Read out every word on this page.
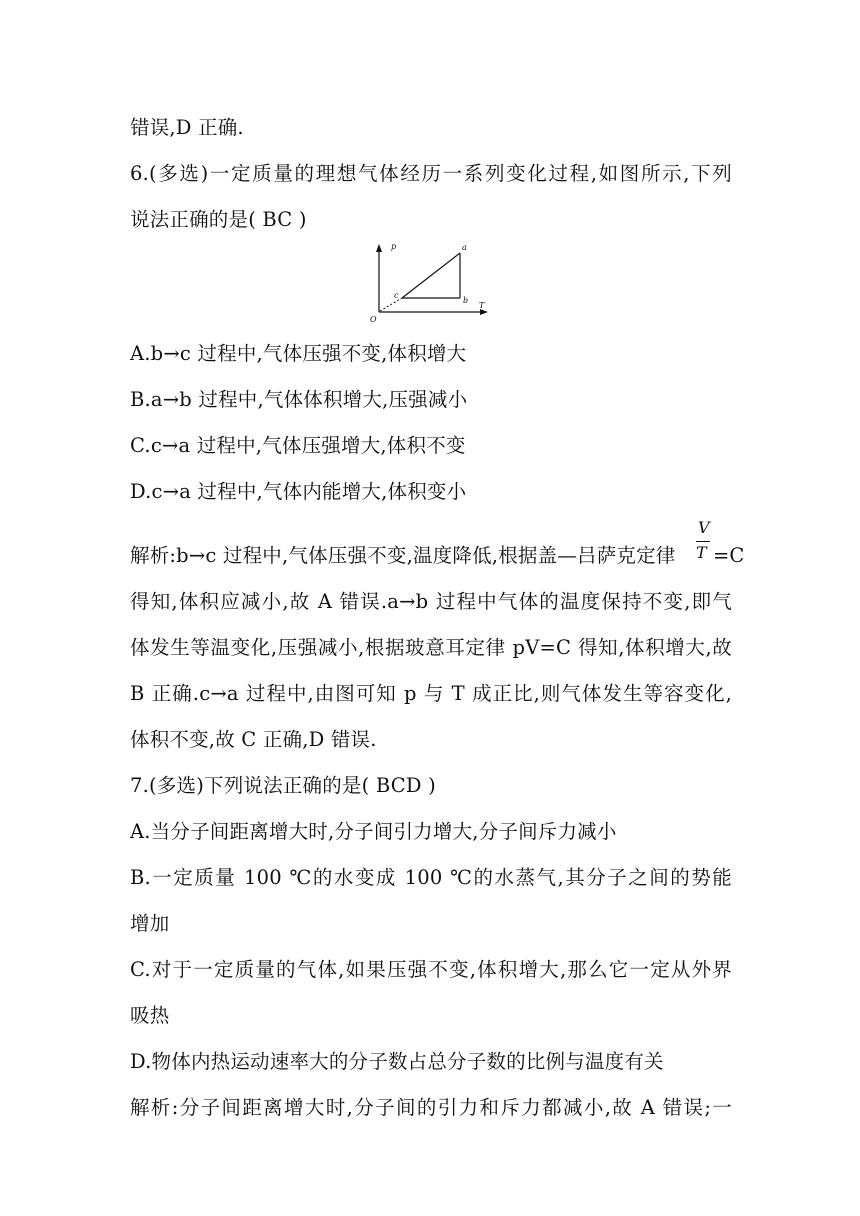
错误,D 正确.
6.(多选)一定质量的理想气体经历一系列变化过程,如图所示,下列
说法正确的是( BC )
p
T
O
a
b
c
A.b→c 过程中,气体压强不变,体积增大
B.a→b 过程中,气体体积增大,压强减小
C.c→a 过程中,气体压强增大,体积不变
D.c→a 过程中,气体内能增大,体积变小
解析:b→c 过程中,气体压强不变,温度降低,根据盖—吕萨克定律
V
T =C
得知,体积应减小,故 A 错误.a→b 过程中气体的温度保持不变,即气
体发生等温变化,压强减小,根据玻意耳定律 pV=C 得知,体积增大,故
B 正确.c→a 过程中,由图可知 p 与 T 成正比,则气体发生等容变化,
体积不变,故 C 正确,D 错误.
7.(多选)下列说法正确的是( BCD )
A.当分子间距离增大时,分子间引力增大,分子间斥力减小
B.一定质量 100 ℃的水变成 100 ℃的水蒸气,其分子之间的势能
增加
C.对于一定质量的气体,如果压强不变,体积增大,那么它一定从外界
吸热
D.物体内热运动速率大的分子数占总分子数的比例与温度有关
解析:分子间距离增大时,分子间的引力和斥力都减小,故 A 错误;一
